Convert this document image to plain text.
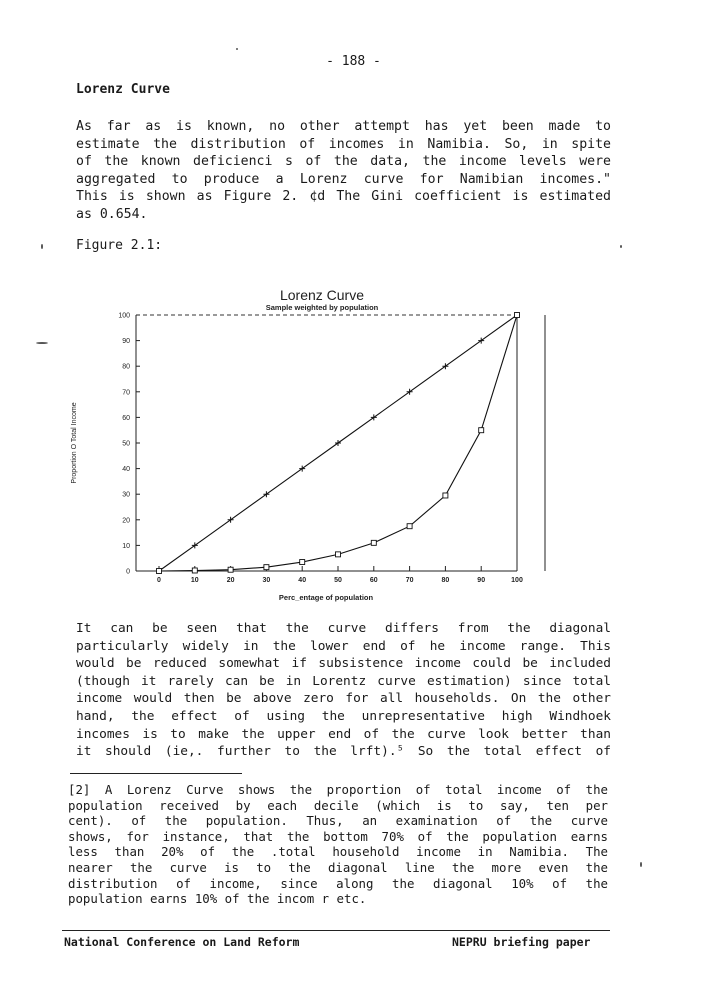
- 188 -
Lorenz Curve
As far as is known, no other attempt has yet been made to
estimate the distribution of incomes in Namibia. So, in spite
of the known deficienci s of the data, the income levels were
aggregated to produce a Lorenz curve for Namibian incomes."
This is shown as Figure 2. ¢d The Gini coefficient is estimated
as 0.654.
Figure 2.1:
Lorenz Curve
Sample weighted by population
0
10
20
30
40
50
60
70
80
90
100
0	10	20	30	40	50	60	70	80	90	100
Proportion O Total Income
Perc_entage of population
It can be seen that the curve differs from the diagonal
particularly widely in the lower end of he income range. This
would be reduced somewhat if subsistence income could be included
(though it rarely can be in Lorentz curve estimation) since total
income would then be above zero for all households. On the other
hand, the effect of using the unrepresentative high Windhoek
incomes is to make the upper end of the curve look better than
it should (ie,. further to the lrft).⁵ So the total effect of
[2] A Lorenz Curve shows the proportion of total income of the
population received by each decile (which is to say, ten per
cent). of the population. Thus, an examination of the curve
shows, for instance, that the bottom 70% of the population earns
less than 20% of the .total household income in Namibia. The
nearer the curve is to the diagonal line the more even the
distribution of income, since along the diagonal 10% of the
population earns 10% of the incom r etc.
National Conference on Land Reform	NEPRU briefing paper
